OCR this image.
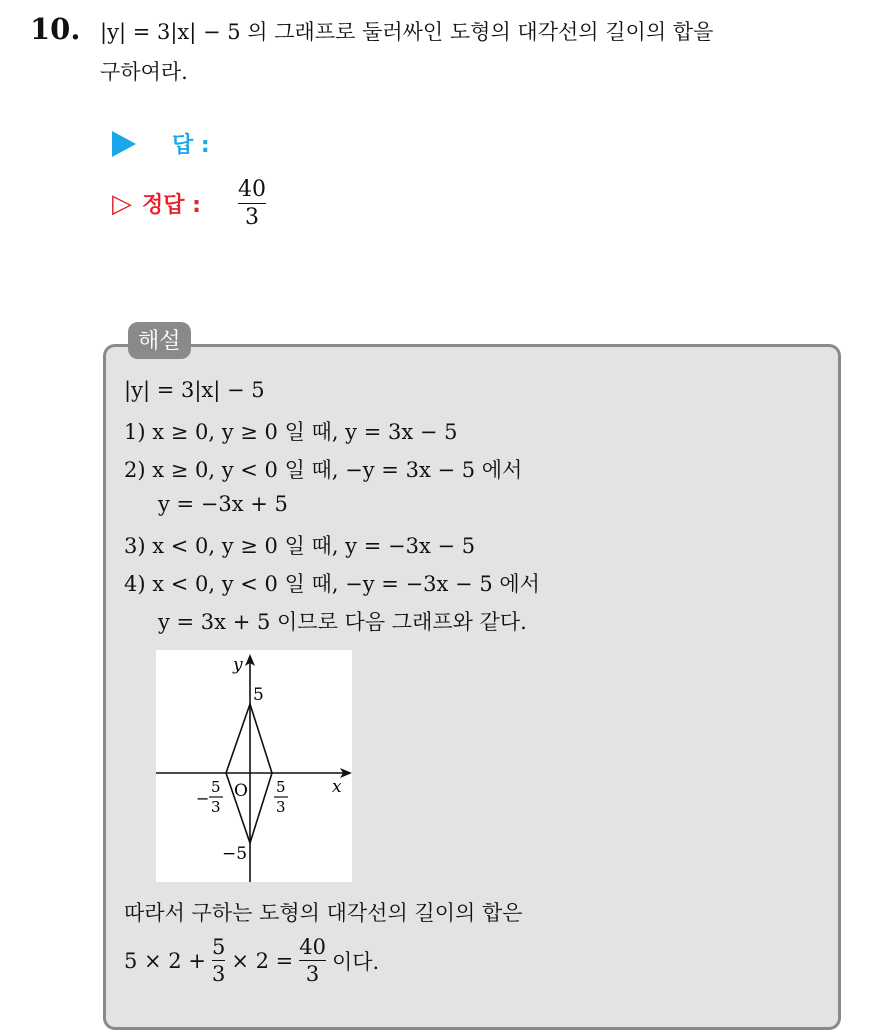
10. |y| = 3|x| − 5 의 그래프로 둘러싸인 도형의 대각선의 길이의 합을
구하여라.
답 :
▷ 정답 :
40
3
해설
|y| = 3|x| − 5
1) x ≥ 0, y ≥ 0 일 때, y = 3x − 5
2) x ≥ 0, y < 0 일 때, −y = 3x − 5 에서
y = −3x + 5
3) x < 0, y ≥ 0 일 때, y = −3x − 5
4) x < 0, y < 0 일 때, −y = −3x − 5 에서
y = 3x + 5 이므로 다음 그래프와 같다.
y
x
5
−5
O
−
5
3
5
3
따라서 구하는 도형의 대각선의 길이의 합은
$5 \times 2 + \frac{5}{3} \times 2 = \frac{40}{3}$ 이다.
